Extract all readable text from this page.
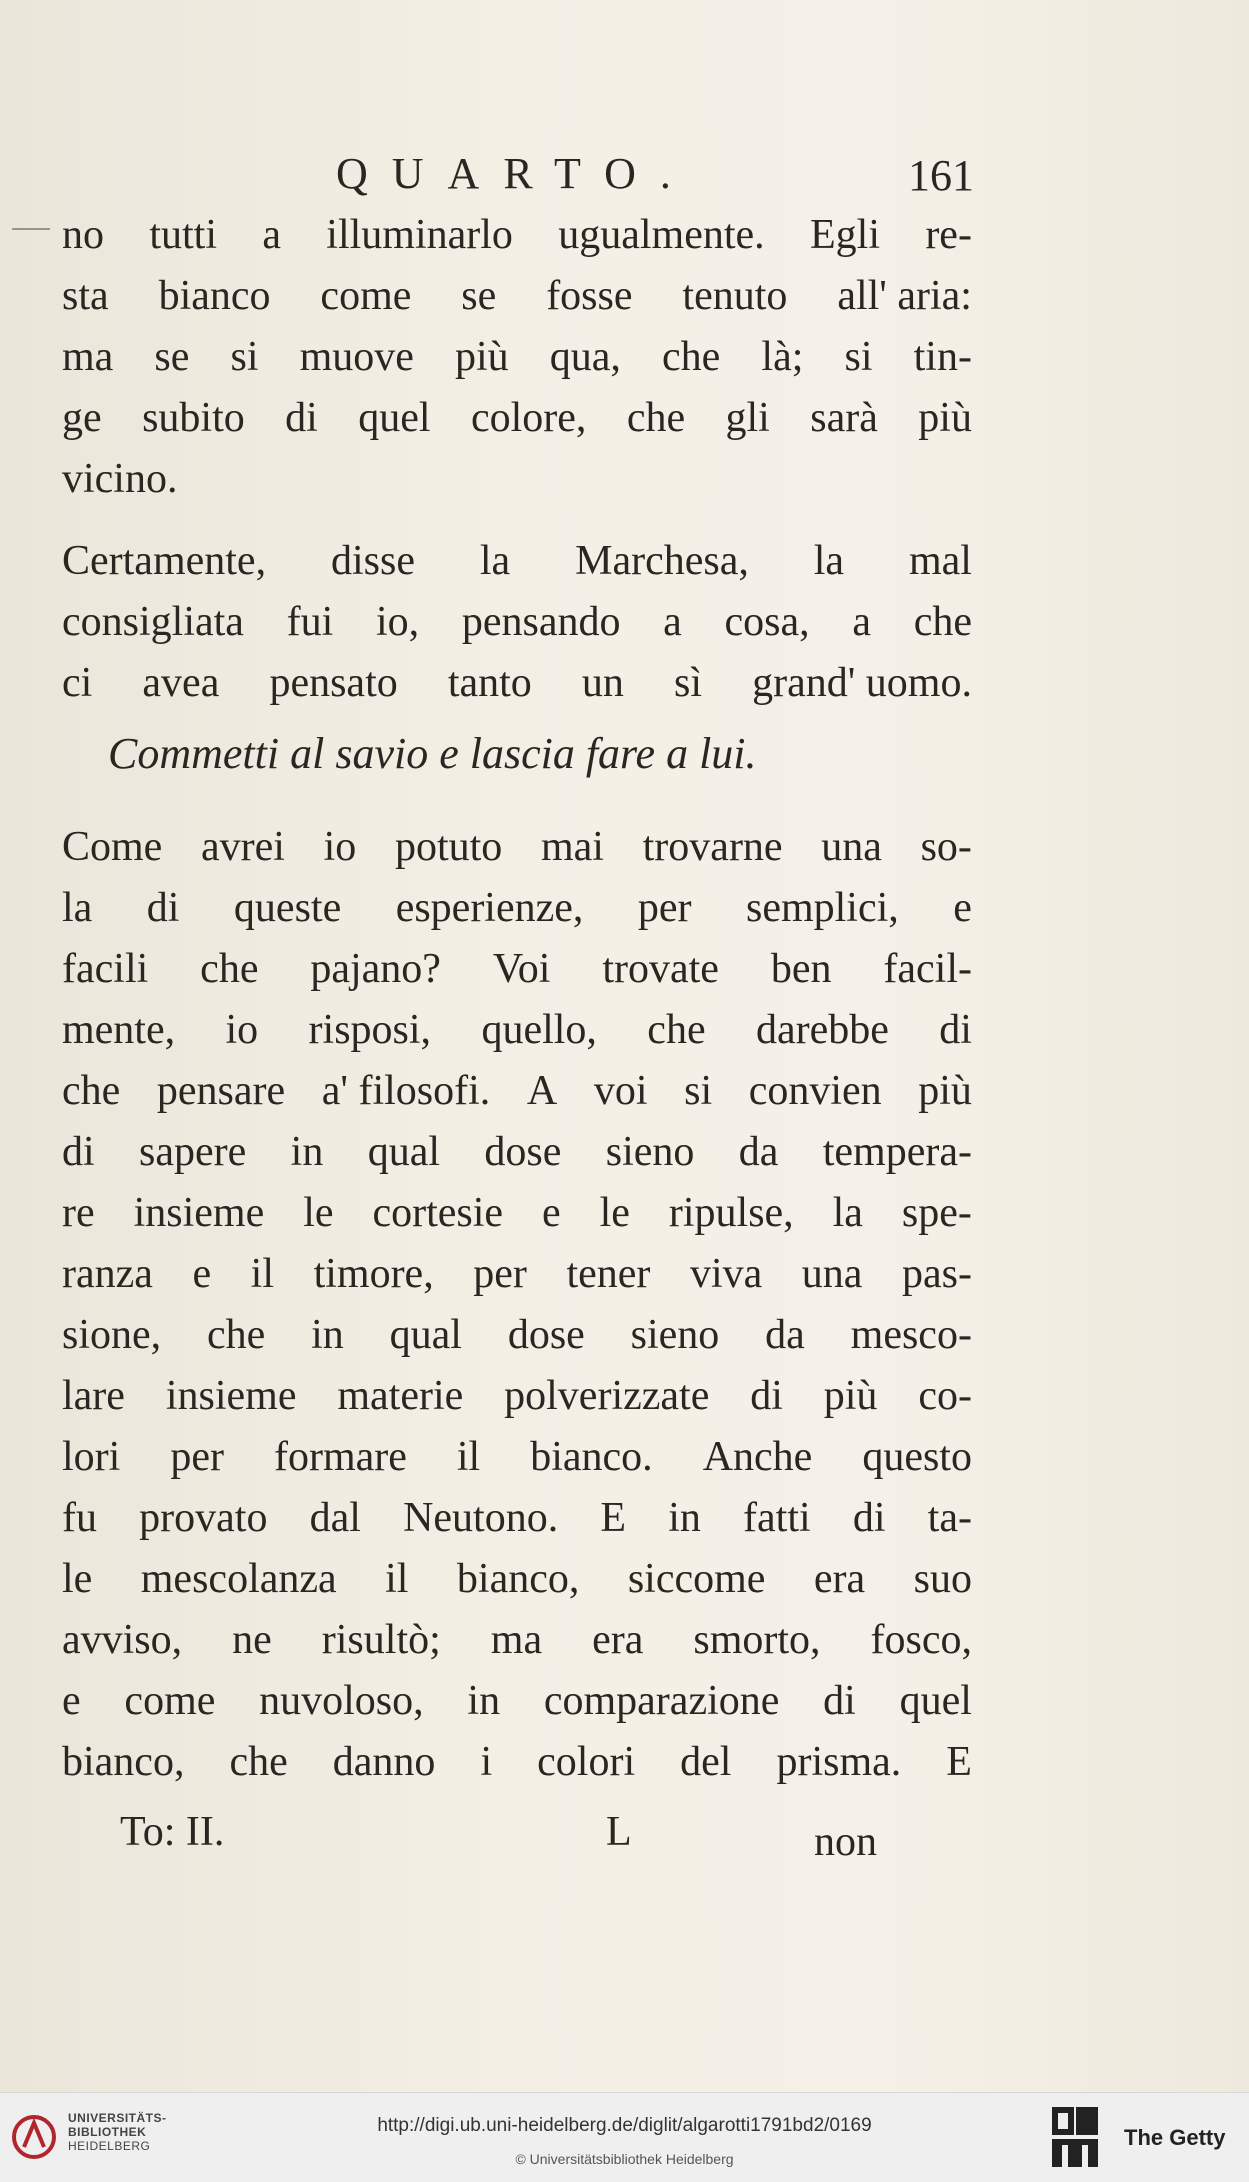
QUARTO.	161
no tutti a illuminarlo ugualmente. Egli re-
sta bianco come se fosse tenuto all' aria:
ma se si muove più qua, che là; si tin-
ge subito di quel colore, che gli sarà più
vicino.
Certamente, disse la Marchesa, la mal
consigliata fui io, pensando a cosa, a che
ci avea pensato tanto un sì grand' uomo.
Commetti al savio e lascia fare a lui.
Come avrei io potuto mai trovarne una so-
la di queste esperienze, per semplici, e
facili che pajano? Voi trovate ben facil-
mente, io risposi, quello, che darebbe di
che pensare a' filosofi. A voi si convien più
di sapere in qual dose sieno da tempera-
re insieme le cortesie e le ripulse, la spe-
ranza e il timore, per tener viva una pas-
sione, che in qual dose sieno da mesco-
lare insieme materie polverizzate di più co-
lori per formare il bianco. Anche questo
fu provato dal Neutono. E in fatti di ta-
le mescolanza il bianco, siccome era suo
avviso, ne risultò; ma era smorto, fosco,
e come nuvoloso, in comparazione di quel
bianco, che danno i colori del prisma. E
To: II.	L	non
UNIVERSITÄTS-
BIBLIOTHEK
HEIDELBERG
http://digi.ub.uni-heidelberg.de/diglit/algarotti1791bd2/0169
© Universitätsbibliothek Heidelberg
The Getty
